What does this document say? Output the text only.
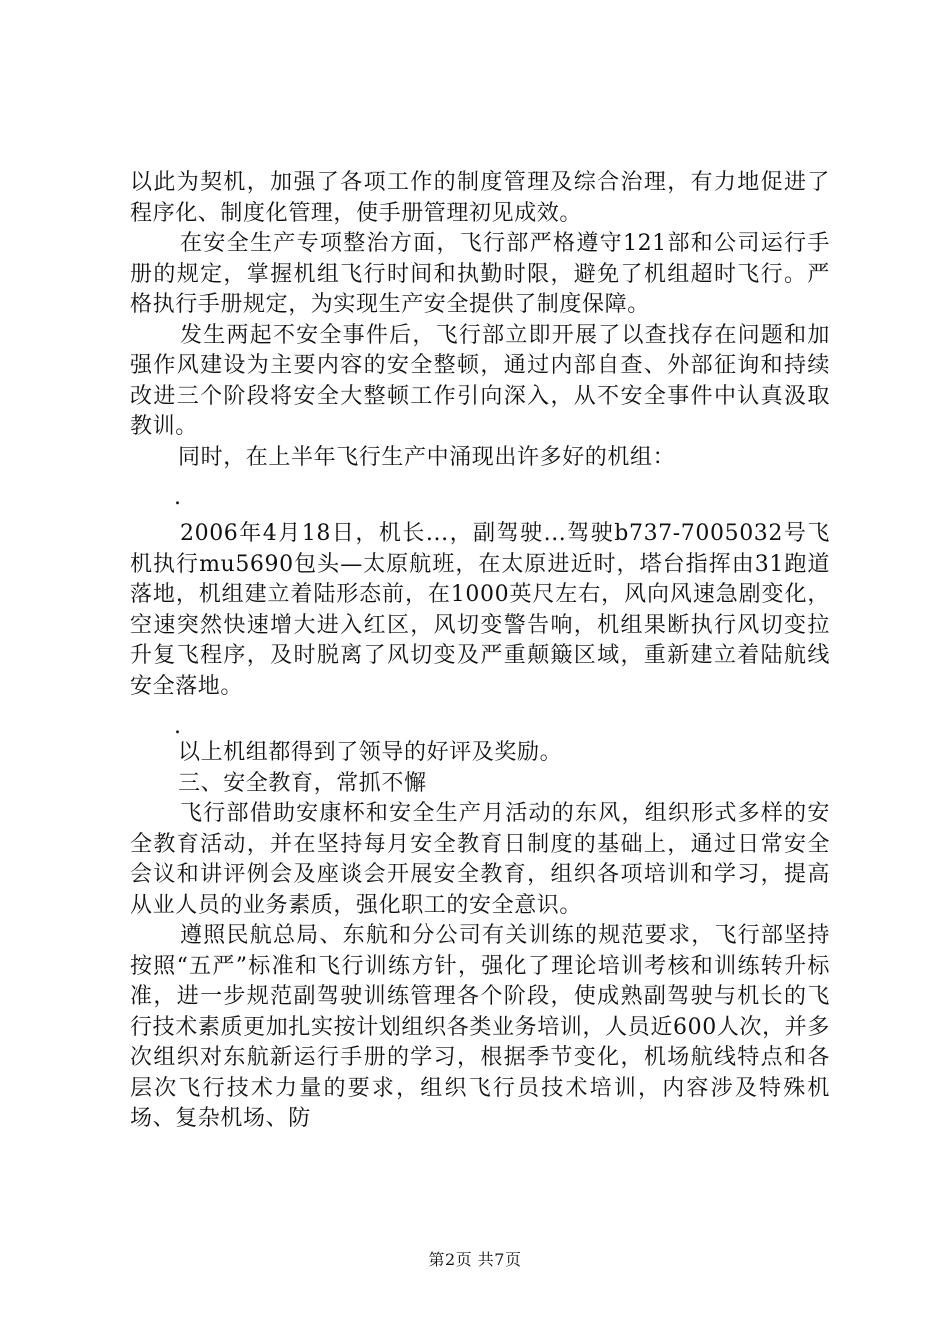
以此为契机，加强了各项工作的制度管理及综合治理，有力地促进了程序化、制度化管理，使手册管理初见成效。

在安全生产专项整治方面，飞行部严格遵守121部和公司运行手册的规定，掌握机组飞行时间和执勤时限，避免了机组超时飞行。严格执行手册规定，为实现生产安全提供了制度保障。

发生两起不安全事件后，飞行部立即开展了以查找存在问题和加强作风建设为主要内容的安全整顿，通过内部自查、外部征询和持续改进三个阶段将安全大整顿工作引向深入，从不安全事件中认真汲取教训。

同时，在上半年飞行生产中涌现出许多好的机组：

.

2006年4月18日，机长...，副驾驶...驾驶b737-7005032号飞机执行mu5690包头—太原航班，在太原进近时，塔台指挥由31跑道落地，机组建立着陆形态前，在1000英尺左右，风向风速急剧变化，空速突然快速增大进入红区，风切变警告响，机组果断执行风切变拉升复飞程序，及时脱离了风切变及严重颠簸区域，重新建立着陆航线安全落地。

.

以上机组都得到了领导的好评及奖励。

三、安全教育，常抓不懈

飞行部借助安康杯和安全生产月活动的东风，组织形式多样的安全教育活动，并在坚持每月安全教育日制度的基础上，通过日常安全会议和讲评例会及座谈会开展安全教育，组织各项培训和学习，提高从业人员的业务素质，强化职工的安全意识。

遵照民航总局、东航和分公司有关训练的规范要求，飞行部坚持按照“五严”标准和飞行训练方针，强化了理论培训考核和训练转升标准，进一步规范副驾驶训练管理各个阶段，使成熟副驾驶与机长的飞行技术素质更加扎实按计划组织各类业务培训，人员近600人次，并多次组织对东航新运行手册的学习，根据季节变化，机场航线特点和各层次飞行技术力量的要求，组织飞行员技术培训，内容涉及特殊机场、复杂机场、防

第2页 共7页
